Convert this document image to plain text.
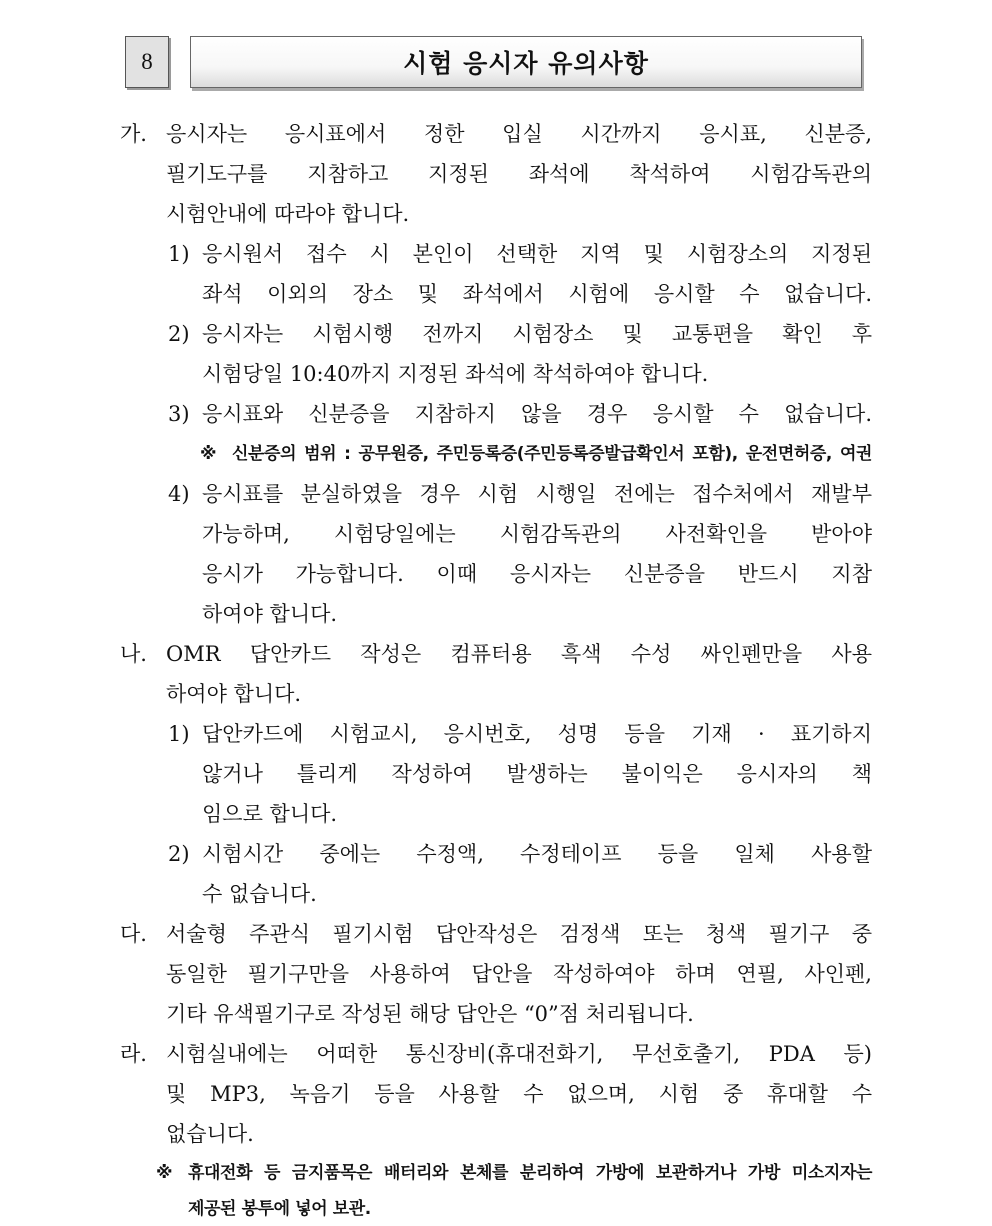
8	시험 응시자 유의사항
가. 응시자는 응시표에서 정한 입실 시간까지 응시표, 신분증,
필기도구를 지참하고 지정된 좌석에 착석하여 시험감독관의
시험안내에 따라야 합니다.
1) 응시원서 접수 시 본인이 선택한 지역 및 시험장소의 지정된
좌석 이외의 장소 및 좌석에서 시험에 응시할 수 없습니다.
2) 응시자는 시험시행 전까지 시험장소 및 교통편을 확인 후
시험당일 10:40까지 지정된 좌석에 착석하여야 합니다.
3) 응시표와 신분증을 지참하지 않을 경우 응시할 수 없습니다.
※ 신분증의 범위 : 공무원증, 주민등록증(주민등록증발급확인서 포함), 운전면허증, 여권
4) 응시표를 분실하였을 경우 시험 시행일 전에는 접수처에서 재발부
가능하며, 시험당일에는 시험감독관의 사전확인을 받아야
응시가 가능합니다. 이때 응시자는 신분증을 반드시 지참
하여야 합니다.
나. OMR 답안카드 작성은 컴퓨터용 흑색 수성 싸인펜만을 사용
하여야 합니다.
1) 답안카드에 시험교시, 응시번호, 성명 등을 기재 · 표기하지
않거나 틀리게 작성하여 발생하는 불이익은 응시자의 책
임으로 합니다.
2) 시험시간 중에는 수정액, 수정테이프 등을 일체 사용할
수 없습니다.
다. 서술형 주관식 필기시험 답안작성은 검정색 또는 청색 필기구 중
동일한 필기구만을 사용하여 답안을 작성하여야 하며 연필, 사인펜,
기타 유색필기구로 작성된 해당 답안은 “0”점 처리됩니다.
라. 시험실내에는 어떠한 통신장비(휴대전화기, 무선호출기, PDA 등)
및 MP3, 녹음기 등을 사용할 수 없으며, 시험 중 휴대할 수
없습니다.
※ 휴대전화 등 금지품목은 배터리와 본체를 분리하여 가방에 보관하거나 가방 미소지자는
제공된 봉투에 넣어 보관.
